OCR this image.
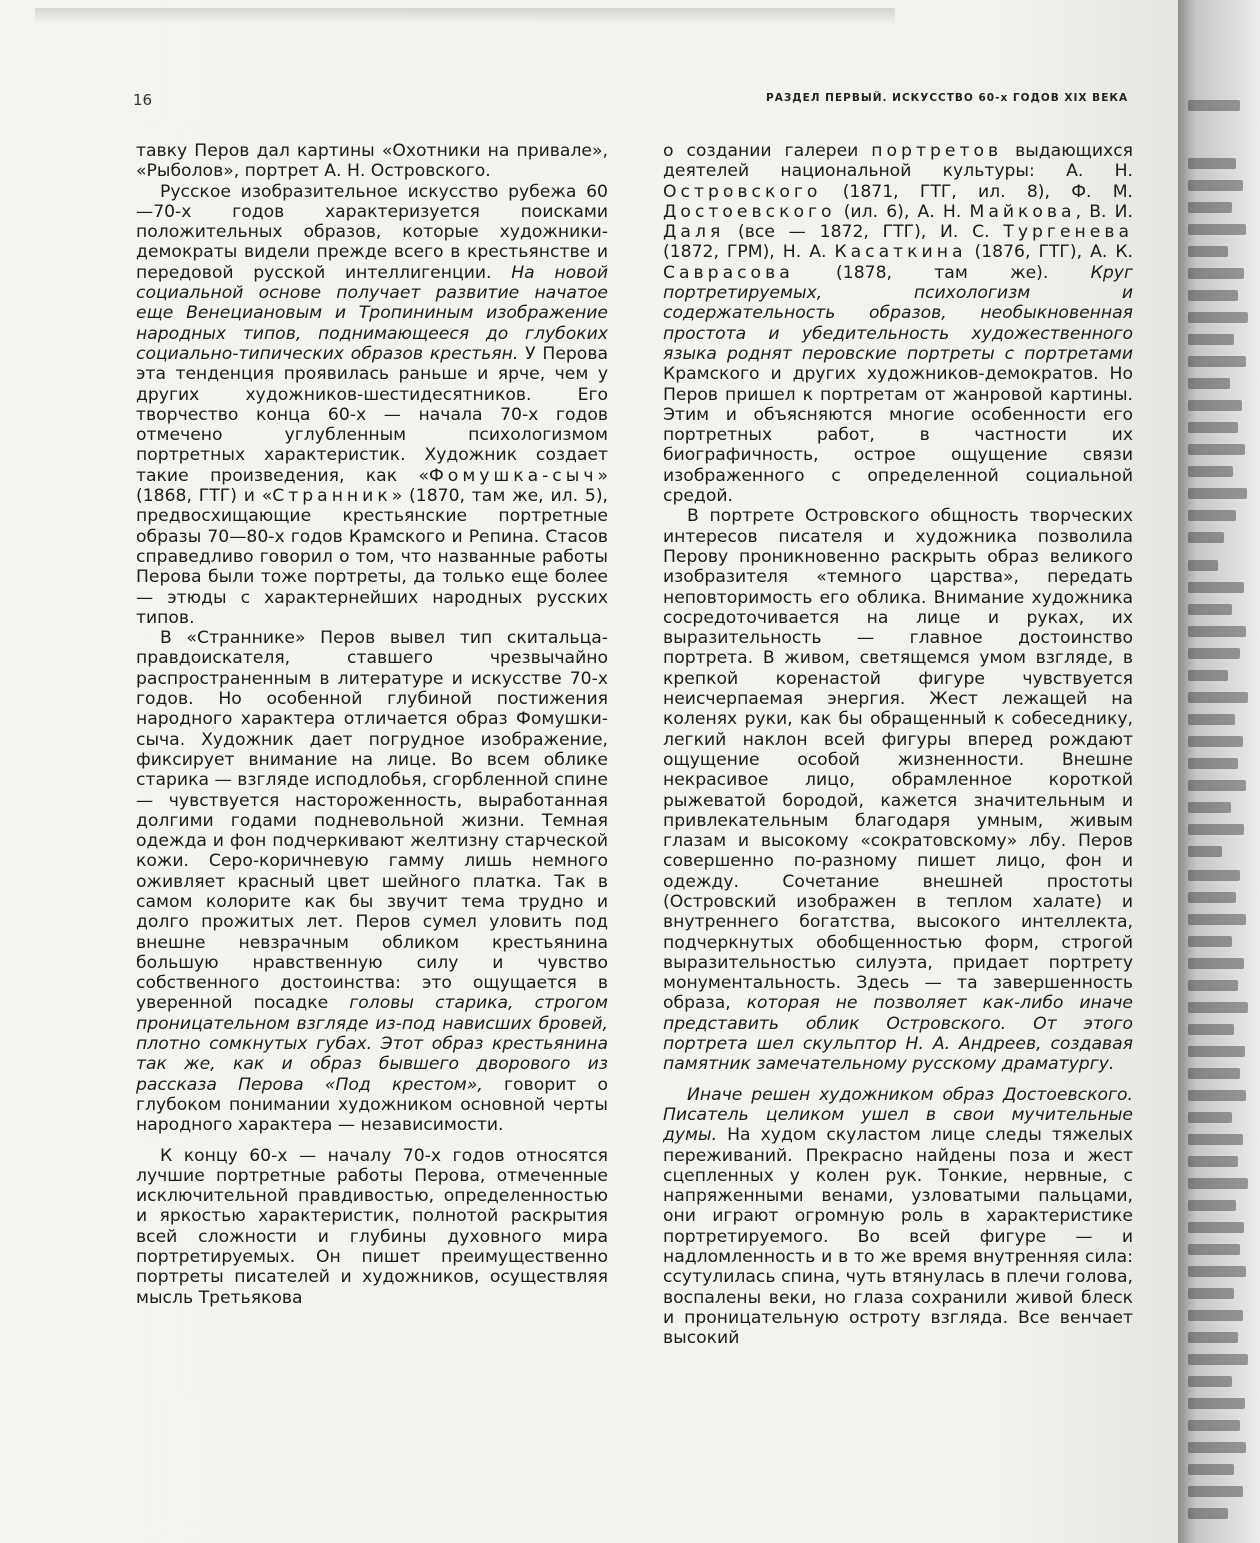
16	РАЗДЕЛ ПЕРВЫЙ. ИСКУССТВО 60-х ГОДОВ XIX ВЕКА

тавку Перов дал картины «Охотники на привале», «Рыболов», портрет А. Н. Островского.

Русское изобразительное искусство рубежа 60—70-х годов характеризуется поисками положительных образов, которые художники-демократы видели прежде всего в крестьянстве и передовой русской интеллигенции. На новой социальной основе получает развитие начатое еще Венециановым и Тропининым изображение народных типов, поднимающееся до глубоких социально-типических образов крестьян. У Перова эта тенденция проявилась раньше и ярче, чем у других художников-шестидесятников. Его творчество конца 60-х — начала 70-х годов отмечено углубленным психологизмом портретных характеристик. Художник создает такие произведения, как «Фомушка-сыч» (1868, ГТГ) и «Странник» (1870, там же, ил. 5), предвосхищающие крестьянские портретные образы 70—80-х годов Крамского и Репина. Стасов справедливо говорил о том, что названные работы Перова были тоже портреты, да только еще более — этюды с характернейших народных русских типов.

В «Страннике» Перов вывел тип скитальца-правдоискателя, ставшего чрезвычайно распространенным в литературе и искусстве 70-х годов. Но особенной глубиной постижения народного характера отличается образ Фомушки-сыча. Художник дает погрудное изображение, фиксирует внимание на лице. Во всем облике старика — взгляде исподлобья, сгорбленной спине — чувствуется настороженность, выработанная долгими годами подневольной жизни. Темная одежда и фон подчеркивают желтизну старческой кожи. Серо-коричневую гамму лишь немного оживляет красный цвет шейного платка. Так в самом колорите как бы звучит тема трудно и долго прожитых лет. Перов сумел уловить под внешне невзрачным обликом крестьянина большую нравственную силу и чувство собственного достоинства: это ощущается в уверенной посадке головы старика, строгом проницательном взгляде из-под нависших бровей, плотно сомкнутых губах. Этот образ крестьянина так же, как и образ бывшего дворового из рассказа Перова «Под крестом», говорит о глубоком понимании художником основной черты народного характера — независимости.

К концу 60-х — началу 70-х годов относятся лучшие портретные работы Перова, отмеченные исключительной правдивостью, определенностью и яркостью характеристик, полнотой раскрытия всей сложности и глубины духовного мира портретируемых. Он пишет преимущественно портреты писателей и художников, осуществляя мысль Третьякова

о создании галереи портретов выдающихся деятелей национальной культуры: А. Н. Островского (1871, ГТГ, ил. 8), Ф. М. Достоевского (ил. 6), А. Н. Майкова, В. И. Даля (все — 1872, ГТГ), И. С. Тургенева (1872, ГРМ), Н. А. Касаткина (1876, ГТГ), А. К. Саврасова (1878, там же). Круг портретируемых, психологизм и содержательность образов, необыкновенная простота и убедительность художественного языка роднят перовские портреты с портретами Крамского и других художников-демократов. Но Перов пришел к портретам от жанровой картины. Этим и объясняются многие особенности его портретных работ, в частности их биографичность, острое ощущение связи изображенного с определенной социальной средой.

В портрете Островского общность творческих интересов писателя и художника позволила Перову проникновенно раскрыть образ великого изобразителя «темного царства», передать неповторимость его облика. Внимание художника сосредоточивается на лице и руках, их выразительность — главное достоинство портрета. В живом, светящемся умом взгляде, в крепкой коренастой фигуре чувствуется неисчерпаемая энергия. Жест лежащей на коленях руки, как бы обращенный к собеседнику, легкий наклон всей фигуры вперед рождают ощущение особой жизненности. Внешне некрасивое лицо, обрамленное короткой рыжеватой бородой, кажется значительным и привлекательным благодаря умным, живым глазам и высокому «сократовскому» лбу. Перов совершенно по-разному пишет лицо, фон и одежду. Сочетание внешней простоты (Островский изображен в теплом халате) и внутреннего богатства, высокого интеллекта, подчеркнутых обобщенностью форм, строгой выразительностью силуэта, придает портрету монументальность. Здесь — та завершенность образа, которая не позволяет как-либо иначе представить облик Островского. От этого портрета шел скульптор Н. А. Андреев, создавая памятник замечательному русскому драматургу.

Иначе решен художником образ Достоевского. Писатель целиком ушел в свои мучительные думы. На худом скуластом лице следы тяжелых переживаний. Прекрасно найдены поза и жест сцепленных у колен рук. Тонкие, нервные, с напряженными венами, узловатыми пальцами, они играют огромную роль в характеристике портретируемого. Во всей фигуре — и надломленность и в то же время внутренняя сила: ссутулилась спина, чуть втянулась в плечи голова, воспалены веки, но глаза сохранили живой блеск и проницательную остроту взгляда. Все венчает высокий
